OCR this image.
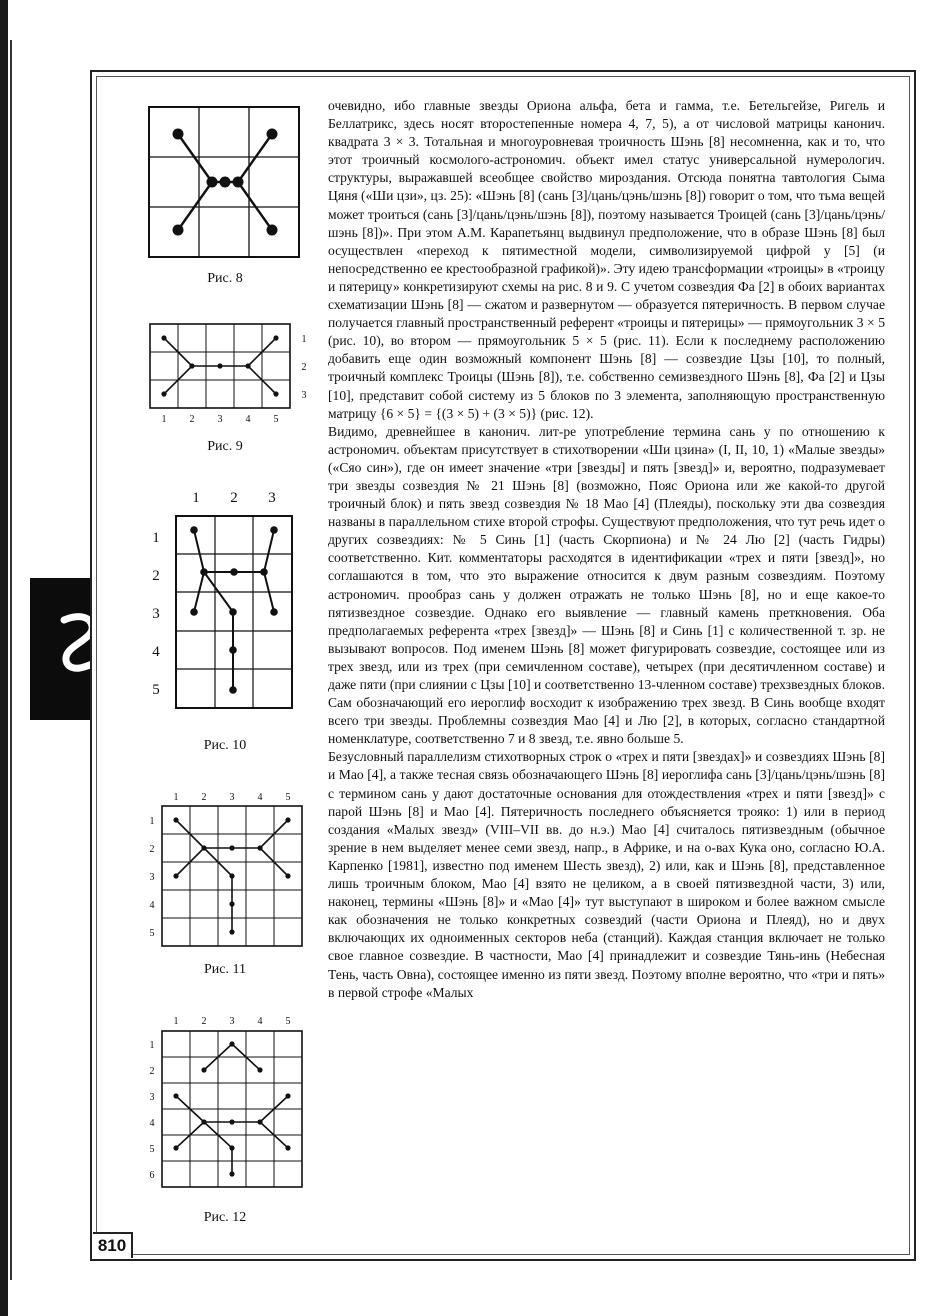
810
Рис. 8
1 2 3 4 5
1
2
3
Рис. 9
1 2 3
1
2
3
4
5
Рис. 10
1 2 3 4 5
1
2
3
4
5
Рис. 11
1 2 3 4 5
1
2
3
4
5
6
Рис. 12

очевидно, ибо главные звезды Ориона альфа, бета и гамма, т.е. Бетельгейзе, Ригель и Беллатрикс, здесь носят второстепенные номера 4, 7, 5), а от числовой матрицы канонич. квадрата 3 × 3. Тотальная и многоуровневая троичность Шэнь [8] несомненна, как и то, что этот троичный космолого-астрономич. объект имел статус универсальной нумерологич. структуры, выражавшей всеобщее свойство мироздания. Отсюда понятна тавтология Сыма Цяня («Ши цзи», цз. 25): «Шэнь [8] (сань [3]/цань/цэнь/шэнь [8]) говорит о том, что тьма вещей может троиться (сань [3]/цань/цэнь/шэнь [8]), поэтому называется Троицей (сань [3]/цань/цэнь/шэнь [8])». При этом А.М. Карапетьянц выдвинул предположение, что в образе Шэнь [8] был осуществлен «переход к пятиместной модели, символизируемой цифрой у [5] (и непосредственно ее крестообразной графикой)». Эту идею трансформации «троицы» в «троицу и пятерицу» конкретизируют схемы на рис. 8 и 9. С учетом созвездия Фа [2] в обоих вариантах схематизации Шэнь [8] — сжатом и развернутом — образуется пятеричность. В первом случае получается главный пространственный референт «троицы и пятерицы» — прямоугольник 3 × 5 (рис. 10), во втором — прямоугольник 5 × 5 (рис. 11). Если к последнему расположению добавить еще один возможный компонент Шэнь [8] — созвездие Цзы [10], то полный, троичный комплекс Троицы (Шэнь [8]), т.е. собственно семизвездного Шэнь [8], Фа [2] и Цзы [10], представит собой систему из 5 блоков по 3 элемента, заполняющую пространственную матрицу {6 × 5} = {(3 × 5) + (3 × 5)} (рис. 12).

Видимо, древнейшее в канонич. лит-ре употребление термина сань у по отношению к астрономич. объектам присутствует в стихотворении «Ши цзина» (I, II, 10, 1) «Малые звезды» («Сяо син»), где он имеет значение «три [звезды] и пять [звезд]» и, вероятно, подразумевает три звезды созвездия № 21 Шэнь [8] (возможно, Пояс Ориона или же какой-то другой троичный блок) и пять звезд созвездия № 18 Мао [4] (Плеяды), поскольку эти два созвездия названы в параллельном стихе второй строфы. Существуют предположения, что тут речь идет о других созвездиях: № 5 Синь [1] (часть Скорпиона) и № 24 Лю [2] (часть Гидры) соответственно. Кит. комментаторы расходятся в идентификации «трех и пяти [звезд]», но соглашаются в том, что это выражение относится к двум разным созвездиям. Поэтому астрономич. прообраз сань у должен отражать не только Шэнь [8], но и еще какое-то пятизвездное созвездие. Однако его выявление — главный камень преткновения. Оба предполагаемых референта «трех [звезд]» — Шэнь [8] и Синь [1] с количественной т. зр. не вызывают вопросов. Под именем Шэнь [8] может фигурировать созвездие, состоящее или из трех звезд, или из трех (при семичленном составе), четырех (при десятичленном составе) и даже пяти (при слиянии с Цзы [10] и соответственно 13-членном составе) трехзвездных блоков. Сам обозначающий его иероглиф восходит к изображению трех звезд. В Синь вообще входят всего три звезды. Проблемны созвездия Мао [4] и Лю [2], в которых, согласно стандартной номенклатуре, соответственно 7 и 8 звезд, т.е. явно больше 5.

Безусловный параллелизм стихотворных строк о «трех и пяти [звездах]» и созвездиях Шэнь [8] и Мао [4], а также тесная связь обозначающего Шэнь [8] иероглифа сань [3]/цань/цэнь/шэнь [8] с термином сань у дают достаточные основания для отождествления «трех и пяти [звезд]» с парой Шэнь [8] и Мао [4]. Пятеричность последнего объясняется трояко: 1) или в период создания «Малых звезд» (VIII–VII вв. до н.э.) Мао [4] считалось пятизвездным (обычное зрение в нем выделяет менее семи звезд, напр., в Африке, и на о-вах Кука оно, согласно Ю.А. Карпенко [1981], известно под именем Шесть звезд), 2) или, как и Шэнь [8], представленное лишь троичным блоком, Мао [4] взято не целиком, а в своей пятизвездной части, 3) или, наконец, термины «Шэнь [8]» и «Мао [4]» тут выступают в широком и более важном смысле как обозначения не только конкретных созвездий (части Ориона и Плеяд), но и двух включающих их одноименных секторов неба (станций). Каждая станция включает не только свое главное созвездие. В частности, Мао [4] принадлежит и созвездие Тянь-инь (Небесная Тень, часть Овна), состоящее именно из пяти звезд. Поэтому вполне вероятно, что «три и пять» в первой строфе «Малых
